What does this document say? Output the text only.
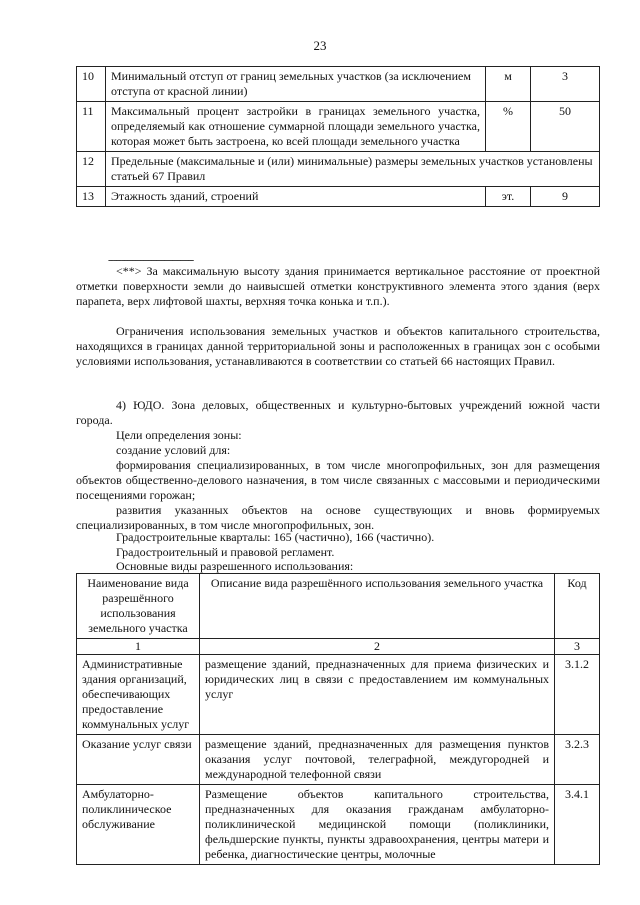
23
10	Минимальный отступ от границ земельных участков (за исключением отступа от красной линии)	м	3
11	Максимальный процент застройки в границах земельного участка, определяемый как отношение суммарной площади земельного участка, которая может быть застроена, ко всей площади земельного участка	%	50
12	Предельные (максимальные и (или) минимальные) размеры земельных участков установлены статьей 67 Правил		
13	Этажность зданий, строений	эт.	9
--------------------------------
<**> За максимальную высоту здания принимается вертикальное расстояние от проектной отметки поверхности земли до наивысшей отметки конструктивного элемента этого здания (верх парапета, верх лифтовой шахты, верхняя точка конька и т.п.).
Ограничения использования земельных участков и объектов капитального строительства, находящихся в границах данной территориальной зоны и расположенных в границах зон с особыми условиями использования, устанавливаются в соответствии со статьей 66 настоящих Правил.
4) ЮДО. Зона деловых, общественных и культурно-бытовых учреждений южной части города.
Цели определения зоны:
создание условий для:
формирования специализированных, в том числе многопрофильных, зон для размещения объектов общественно-делового назначения, в том числе связанных с массовыми и периодическими посещениями горожан;
развития указанных объектов на основе существующих и вновь формируемых специализированных, в том числе многопрофильных, зон.
Градостроительные кварталы: 165 (частично), 166 (частично).
Градостроительный и правовой регламент.
Основные виды разрешенного использования:
Наименование вида разрешённого использования земельного участка	Описание вида разрешённого использования земельного участка	Код
1	2	3
Административные здания организаций, обеспечивающих предоставление коммунальных услуг	размещение зданий, предназначенных для приема физических и юридических лиц в связи с предоставлением им коммунальных услуг	3.1.2
Оказание услуг связи	размещение зданий, предназначенных для размещения пунктов оказания услуг почтовой, телеграфной, междугородней и международной телефонной связи	3.2.3
Амбулаторно-поликлиническое обслуживание	Размещение объектов капитального строительства, предназначенных для оказания гражданам амбулаторно-поликлинической медицинской помощи (поликлиники, фельдшерские пункты, пункты здравоохранения, центры матери и ребенка, диагностические центры, молочные	3.4.1
